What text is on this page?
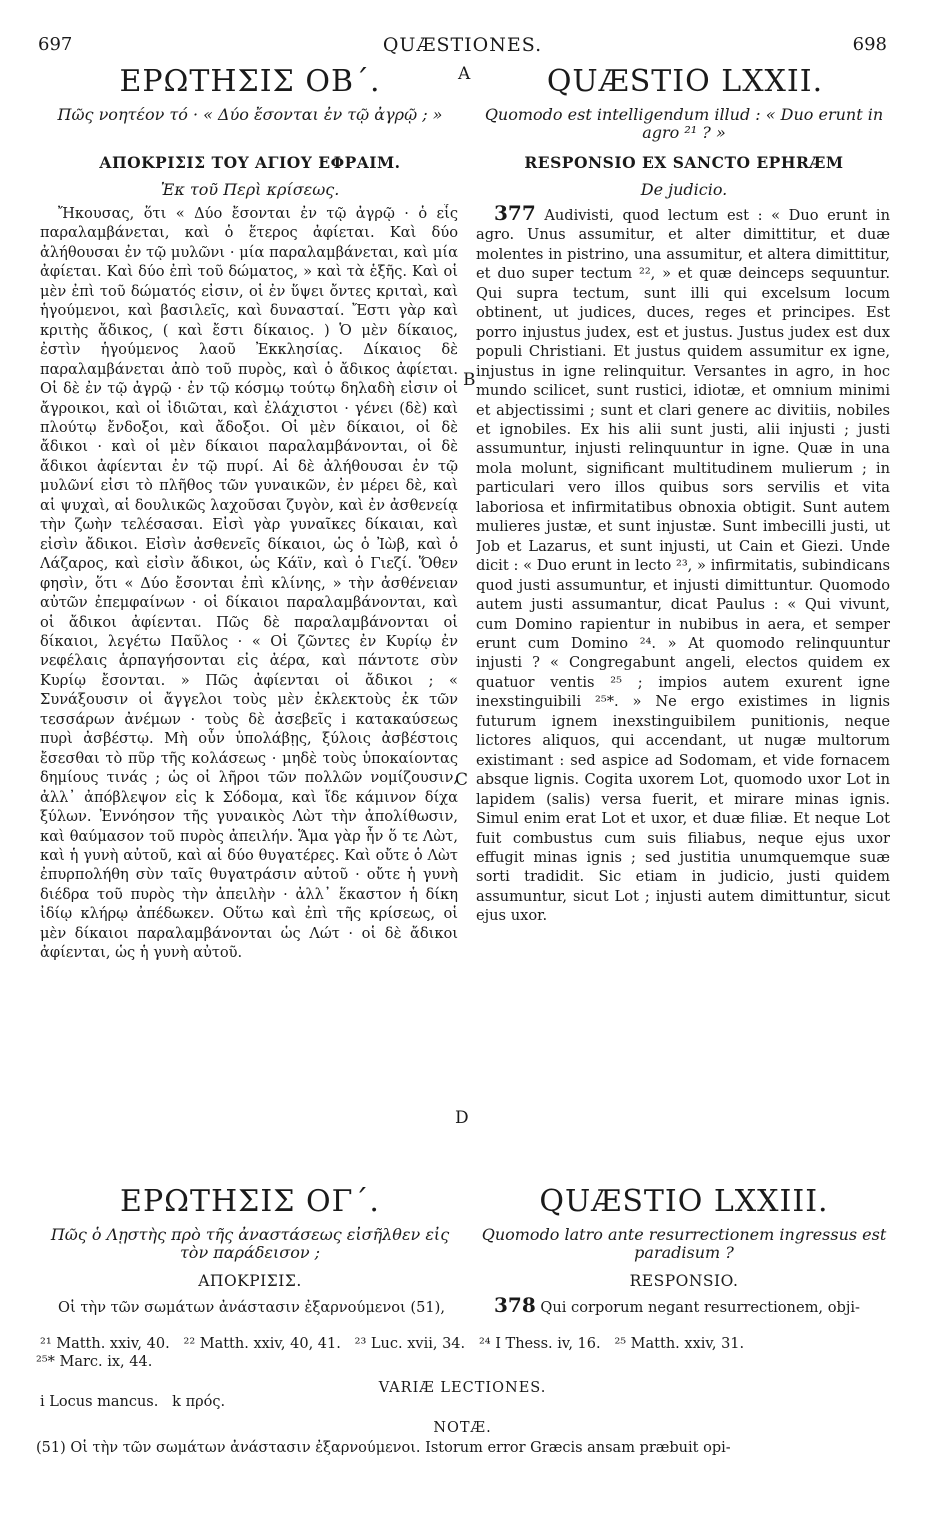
697	QUÆSTIONES.	698
ΕΡΩΤΗΣΙΣ ΟΒ΄.	A	QUÆSTIO LXXII.
Πῶς νοητέον τό · « Δύο ἔσονται ἐν τῷ ἀγρῷ ; »	Quomodo est intelligendum illud : « Duo erunt in agro ²¹ ? »
ΑΠΟΚΡΙΣΙΣ ΤΟΥ ΑΓΙΟΥ ΕΦΡΑΙΜ.	RESPONSIO EX SANCTO EPHRÆM
Ἐκ τοῦ Περὶ κρίσεως.	De judicio.

Ἤκουσας, ὅτι « Δύο ἔσονται ἐν τῷ ἀγρῷ · ὁ εἷς παραλαμβάνεται, καὶ ὁ ἕτερος ἀφίεται. Καὶ δύο ἀλήθουσαι ἐν τῷ μυλῶνι · μία παραλαμβάνεται, καὶ μία ἀφίεται. Καὶ δύο ἐπὶ τοῦ δώματος, » καὶ τὰ ἑξῆς. Καὶ οἱ μὲν ἐπὶ τοῦ δώματός εἰσιν, οἱ ἐν ὕψει ὄντες κριταὶ, καὶ ἡγούμενοι, καὶ βασιλεῖς, καὶ δυνασταί. Ἔστι γὰρ καὶ κριτὴς ἄδικος, ( καὶ ἔστι δίκαιος. ) Ὁ μὲν δίκαιος, ἐστὶν ἡγούμενος λαοῦ Ἐκκλησίας. Δίκαιος δὲ παραλαμβάνεται ἀπὸ τοῦ πυρὸς, καὶ ὁ ἄδικος ἀφίεται. Οἱ δὲ ἐν τῷ ἀγρῷ · ἐν τῷ κόσμῳ τούτῳ δηλαδὴ εἰσιν οἱ ἄγροικοι, καὶ οἱ ἰδιῶται, καὶ ἐλάχιστοι · γένει (δὲ) καὶ πλούτῳ ἔνδοξοι, καὶ ἄδοξοι. Οἱ μὲν δίκαιοι, οἱ δὲ ἄδικοι · καὶ οἱ μὲν δίκαιοι παραλαμβάνονται, οἱ δὲ ἄδικοι ἀφίενται ἐν τῷ πυρί. Αἱ δὲ ἀλήθουσαι ἐν τῷ μυλῶνί εἰσι τὸ πλῆθος τῶν γυναικῶν, ἐν μέρει δὲ, καὶ αἱ ψυχαὶ, αἱ δουλικῶς λαχοῦσαι ζυγὸν, καὶ ἐν ἀσθενείᾳ τὴν ζωὴν τελέσασαι. Εἰσὶ γὰρ γυναῖκες δίκαιαι, καὶ εἰσὶν ἄδικοι. Εἰσὶν ἀσθενεῖς δίκαιοι, ὡς ὁ Ἰὼβ, καὶ ὁ Λάζαρος, καὶ εἰσὶν ἄδικοι, ὡς Κάϊν, καὶ ὁ Γιεζί. Ὅθεν φησὶν, ὅτι « Δύο ἔσονται ἐπὶ κλίνης, » τὴν ἀσθένειαν αὐτῶν ἐπεμφαίνων · οἱ δίκαιοι παραλαμβάνονται, καὶ οἱ ἄδικοι ἀφίενται. Πῶς δὲ παραλαμβάνονται οἱ δίκαιοι, λεγέτω Παῦλος · « Οἱ ζῶντες ἐν Κυρίῳ ἐν νεφέλαις ἁρπαγήσονται εἰς ἀέρα, καὶ πάντοτε σὺν Κυρίῳ ἔσονται. » Πῶς ἀφίενται οἱ ἄδικοι ; « Συνάξουσιν οἱ ἄγγελοι τοὺς μὲν ἐκλεκτοὺς ἐκ τῶν τεσσάρων ἀνέμων · τοὺς δὲ ἀσεβεῖς i κατακαύσεως πυρὶ ἀσβέστῳ. Μὴ οὖν ὑπολάβῃς, ξύλοις ἀσβέστοις ἔσεσθαι τὸ πῦρ τῆς κολάσεως · μηδὲ τοὺς ὑποκαίοντας δημίους τινάς ; ὡς οἱ λῆροι τῶν πολλῶν νομίζουσιν, ἀλλ᾽ ἀπόβλεψον εἰς k Σόδομα, καὶ ἴδε κάμινον δίχα ξύλων. Ἐννόησον τῆς γυναικὸς Λὼτ τὴν ἀπολίθωσιν, καὶ θαύμασον τοῦ πυρὸς ἀπειλήν. Ἅμα γὰρ ἦν ὅ τε Λὼτ, καὶ ἡ γυνὴ αὐτοῦ, καὶ αἱ δύο θυγατέρες. Καὶ οὔτε ὁ Λὼτ ἐπυρπολήθη σὺν ταῖς θυγατράσιν αὐτοῦ · οὔτε ἡ γυνὴ διέδρα τοῦ πυρὸς τὴν ἀπειλὴν · ἀλλ᾽ ἕκαστον ἡ δίκη ἰδίῳ κλήρῳ ἀπέδωκεν. Οὕτω καὶ ἐπὶ τῆς κρίσεως, οἱ μὲν δίκαιοι παραλαμβάνονται ὡς Λώτ · οἱ δὲ ἄδικοι ἀφίενται, ὡς ἡ γυνὴ αὐτοῦ.

B
C
D

377 Audivisti, quod lectum est : « Duo erunt in agro. Unus assumitur, et alter dimittitur, et duæ molentes in pistrino, una assumitur, et altera dimittitur, et duo super tectum ²², » et quæ deinceps sequuntur. Qui supra tectum, sunt illi qui excelsum locum obtinent, ut judices, duces, reges et principes. Est porro injustus judex, est et justus. Justus judex est dux populi Christiani. Et justus quidem assumitur ex igne, injustus in igne relinquitur. Versantes in agro, in hoc mundo scilicet, sunt rustici, idiotæ, et omnium minimi et abjectissimi ; sunt et clari genere ac divitiis, nobiles et ignobiles. Ex his alii sunt justi, alii injusti ; justi assumuntur, injusti relinquuntur in igne. Quæ in una mola molunt, significant multitudinem mulierum ; in particulari vero illos quibus sors servilis et vita laboriosa et infirmitatibus obnoxia obtigit. Sunt autem mulieres justæ, et sunt injustæ. Sunt imbecilli justi, ut Job et Lazarus, et sunt injusti, ut Cain et Giezi. Unde dicit : « Duo erunt in lecto ²³, » infirmitatis, subindicans quod justi assumuntur, et injusti dimittuntur. Quomodo autem justi assumantur, dicat Paulus : « Qui vivunt, cum Domino rapientur in nubibus in aera, et semper erunt cum Domino ²⁴. » At quomodo relinquuntur injusti ? « Congregabunt angeli, electos quidem ex quatuor ventis ²⁵ ; impios autem exurent igne inexstinguibili ²⁵*. » Ne ergo existimes in lignis futurum ignem inexstinguibilem punitionis, neque lictores aliquos, qui accendant, ut nugæ multorum existimant : sed aspice ad Sodomam, et vide fornacem absque lignis. Cogita uxorem Lot, quomodo uxor Lot in lapidem (salis) versa fuerit, et mirare minas ignis. Simul enim erat Lot et uxor, et duæ filiæ. Et neque Lot fuit combustus cum suis filiabus, neque ejus uxor effugit minas ignis ; sed justitia unumquemque suæ sorti tradidit. Sic etiam in judicio, justi quidem assumuntur, sicut Lot ; injusti autem dimittuntur, sicut ejus uxor.

ΕΡΩΤΗΣΙΣ ΟΓ΄.	QUÆSTIO LXXIII.
Πῶς ὁ Λῃστὴς πρὸ τῆς ἀναστάσεως εἰσῆλθεν εἰς τὸν παράδεισον ;
Quomodo latro ante resurrectionem ingressus est paradisum ?
ΑΠΟΚΡΙΣΙΣ.	RESPONSIO.

Οἱ τὴν τῶν σωμάτων ἀνάστασιν ἐξαρνούμενοι (51),	378 Qui corporum negant resurrectionem, obji-

²¹ Matth. xxiv, 40.   ²² Matth. xxiv, 40, 41.   ²³ Luc. xvii, 34.   ²⁴ I Thess. iv, 16.   ²⁵ Matth. xxiv, 31.
²⁵* Marc. ix, 44.
VARIÆ LECTIONES.
i Locus mancus.   k πρός.
NOTÆ.
(51) Οἱ τὴν τῶν σωμάτων ἀνάστασιν ἐξαρνούμενοι. Istorum error Græcis ansam præbuit opi-
